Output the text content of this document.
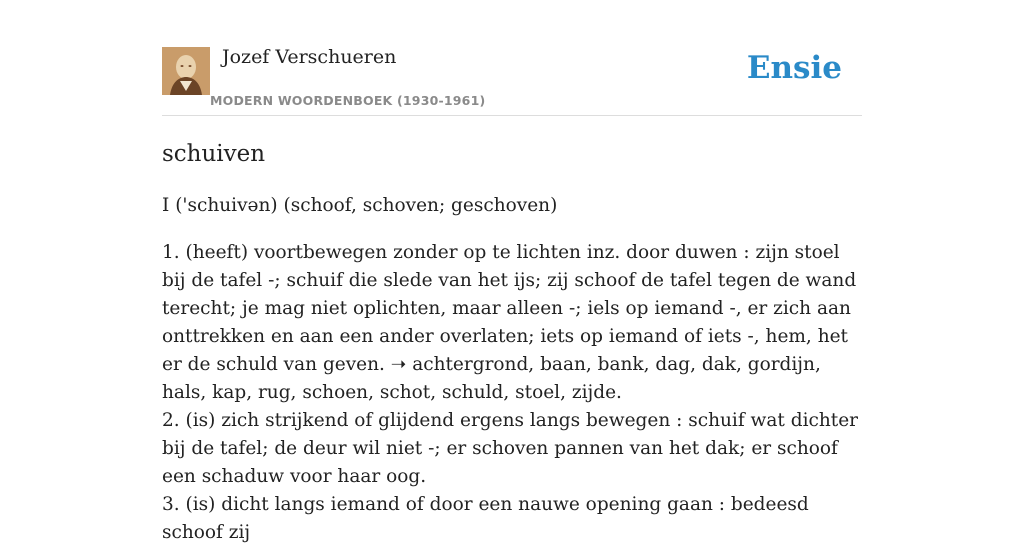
Jozef Verschueren
MODERN WOORDENBOEK (1930-1961)
Ensie
schuiven
I ('schuivən) (schoof, schoven; geschoven)

1. (heeft) voortbewegen zonder op te lichten inz. door duwen : zijn stoel bij de tafel -; schuif die slede van het ijs; zij schoof de tafel tegen de wand terecht; je mag niet oplichten, maar alleen -; iels op iemand -, er zich aan onttrekken en aan een ander overlaten; iets op iemand of iets -, hem, het er de schuld van geven. ➝ achtergrond, baan, bank, dag, dak, gordijn, hals, kap, rug, schoen, schot, schuld, stoel, zijde.

2. (is) zich strijkend of glijdend ergens langs bewegen : schuif wat dichter bij de tafel; de deur wil niet -; er schoven pannen van het dak; er schoof een schaduw voor haar oog.

3. (is) dicht langs iemand of door een nauwe opening gaan : bedeesd schoof zij
